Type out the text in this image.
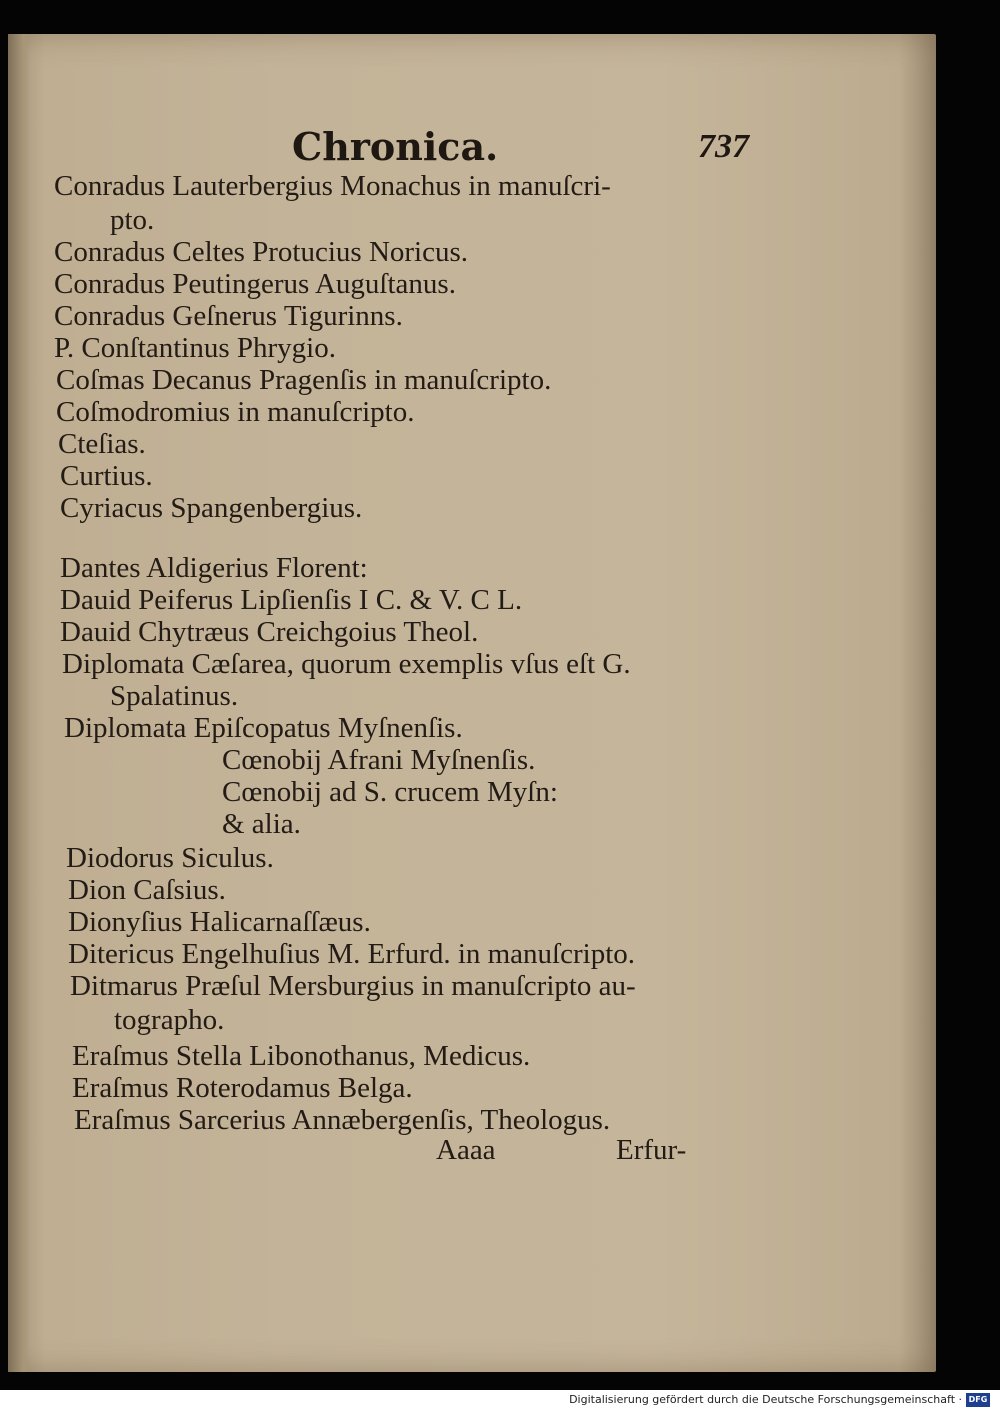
Chronica.	737
Conradus Lauterbergius Monachus in manuſcri-
pto.
Conradus Celtes Protucius Noricus.
Conradus Peutingerus Auguſtanus.
Conradus Geſnerus Tigurinns.
P. Conſtantinus Phrygio.
Coſmas Decanus Pragenſis in manuſcripto.
Coſmodromius in manuſcripto.
Cteſias.
Curtius.
Cyriacus Spangenbergius.
Dantes Aldigerius Florent:
Dauid Peiferus Lipſienſis I C. & V. C L.
Dauid Chytræus Creichgoius Theol.
Diplomata Cæſarea, quorum exemplis vſus eſt G.
Spalatinus.
Diplomata Epiſcopatus Myſnenſis.
Cœnobij Afrani Myſnenſis.
Cœnobij ad S. crucem Myſn:
& alia.
Diodorus Siculus.
Dion Caſsius.
Dionyſius Halicarnaſſæus.
Ditericus Engelhuſius M. Erfurd. in manuſcripto.
Ditmarus Præſul Mersburgius in manuſcripto au-
tographo.
Eraſmus Stella Libonothanus, Medicus.
Eraſmus Roterodamus Belga.
Eraſmus Sarcerius Annæbergenſis, Theologus.
Aaaa	Erfur-
Digitalisierung gefördert durch die Deutsche Forschungsgemeinschaft · DFG
